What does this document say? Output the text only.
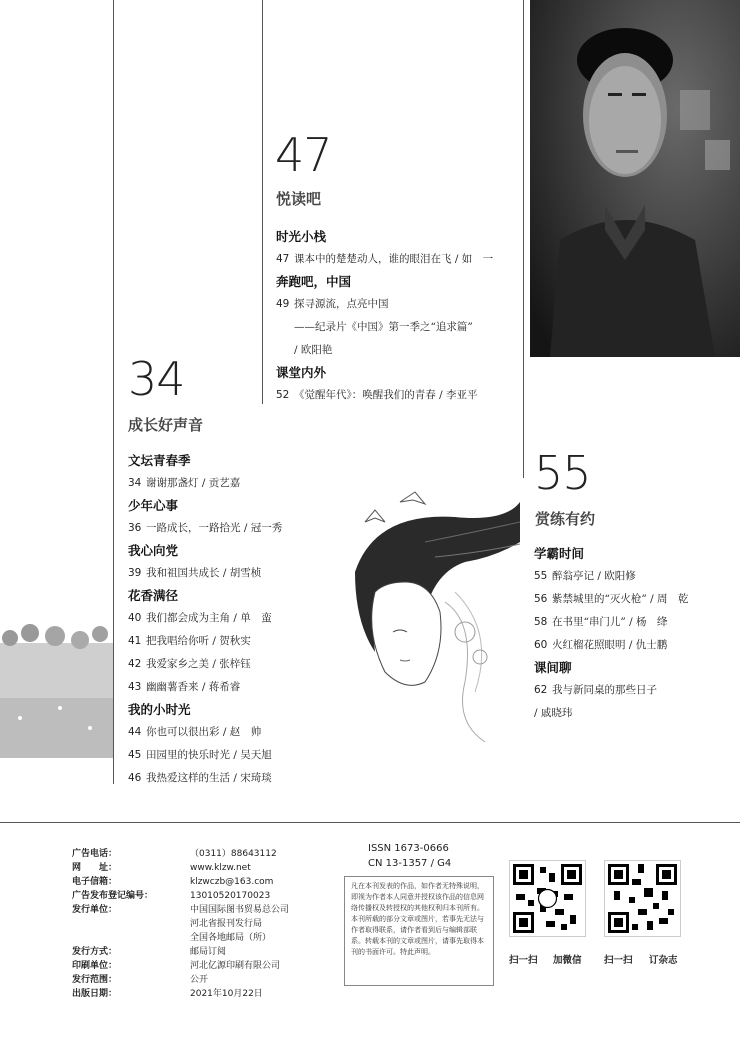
47
悦读吧
时光小栈
47 课本中的楚楚动人，谁的眼泪在飞 / 如　一
奔跑吧，中国
49 探寻源流，点亮中国
——纪录片《中国》第一季之“追求篇”
/ 欧阳艳
课堂内外
52 《觉醒年代》：唤醒我们的青春 / 李亚平
34
成长好声音
文坛青春季
34 谢谢那盏灯 / 贡艺嘉
少年心事
36 一路成长，一路拾光 / 冠一秀
我心向党
39 我和祖国共成长 / 胡雪桢
花香满径
40 我们都会成为主角 / 单　蛮
41 把我唱给你听 / 贺秋实
42 我爱家乡之美 / 张梓钰
43 幽幽薯香来 / 蒋希睿
我的小时光
44 你也可以很出彩 / 赵　帅
45 田园里的快乐时光 / 吴天旭
46 我热爱这样的生活 / 宋琦琰
55
赏练有约
学霸时间
55 醉翁亭记 / 欧阳修
56 紫禁城里的“灭火枪” / 周　乾
58 在书里“串门儿” / 杨　绛
60 火红榴花照眼明 / 仇士鹏
课间聊
62 我与新同桌的那些日子
/ 戚晓玮
广告电话：
网　　址：
电子信箱：
广告发布登记编号：
发行单位：
发行方式：
印刷单位：
发行范围：
出版日期：
（0311）88643112
www.klzw.net
klzwczb@163.com
13010520170023
中国国际图书贸易总公司
河北省报刊发行局
全国各地邮局（所）
邮局订阅
河北亿源印刷有限公司
公开
2021年10月22日
ISSN 1673-0666
CN 13-1357 / G4
凡在本刊发表的作品，如作者无特殊说明，即视为作者本人同意并授权该作品的信息网络传播权及转授权的其他权利归本刊所有。本刊所载的部分文章或图片，若事先无法与作者取得联系，请作者看到后与编辑部联系。转载本刊的文章或图片，请事先取得本刊的书面许可。特此声明。
扫一扫 加微信 扫一扫 订杂志
